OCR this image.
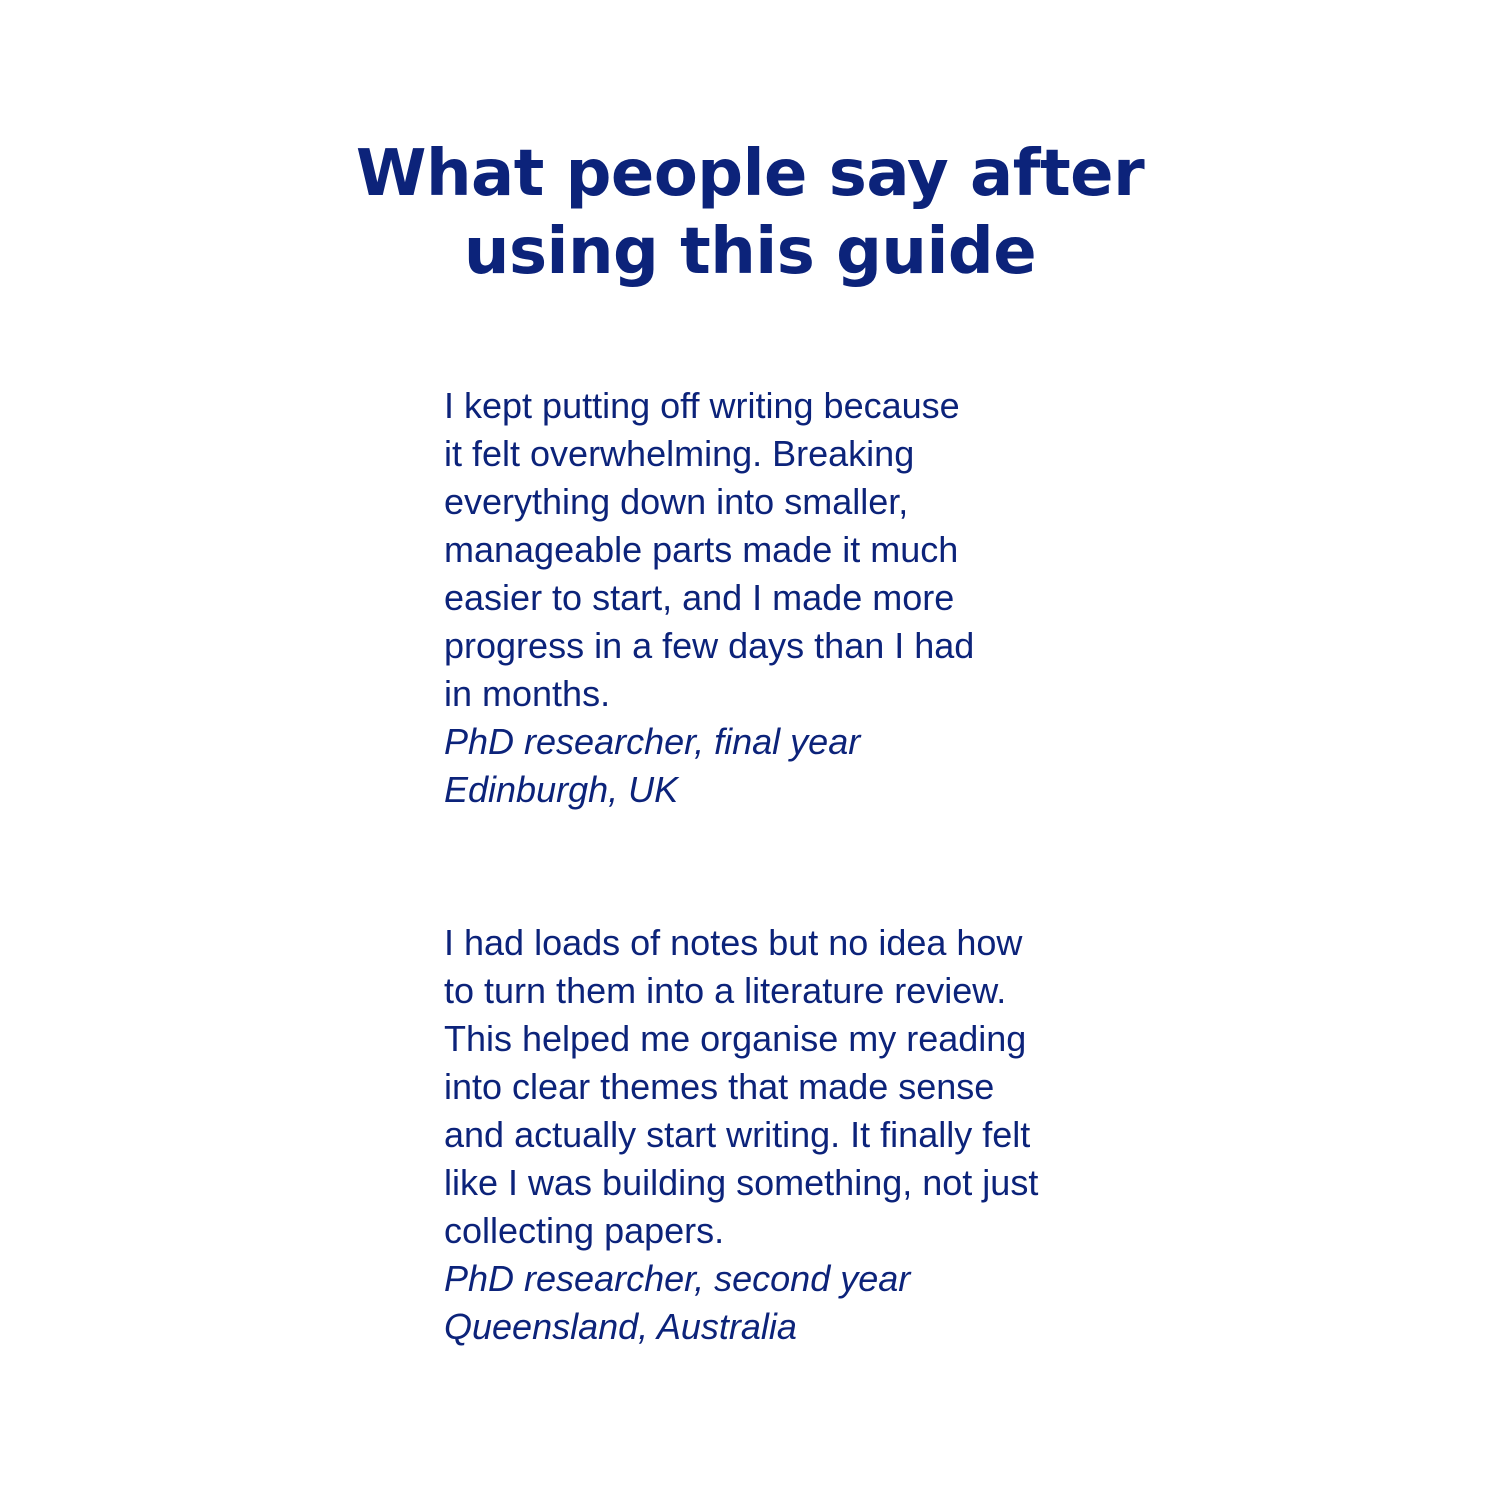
What people say after
using this guide
I kept putting off writing because
it felt overwhelming. Breaking
everything down into smaller,
manageable parts made it much
easier to start, and I made more
progress in a few days than I had
in months.
PhD researcher, final year
Edinburgh, UK
I had loads of notes but no idea how
to turn them into a literature review.
This helped me organise my reading
into clear themes that made sense
and actually start writing. It finally felt
like I was building something, not just
collecting papers.
PhD researcher, second year
Queensland, Australia
